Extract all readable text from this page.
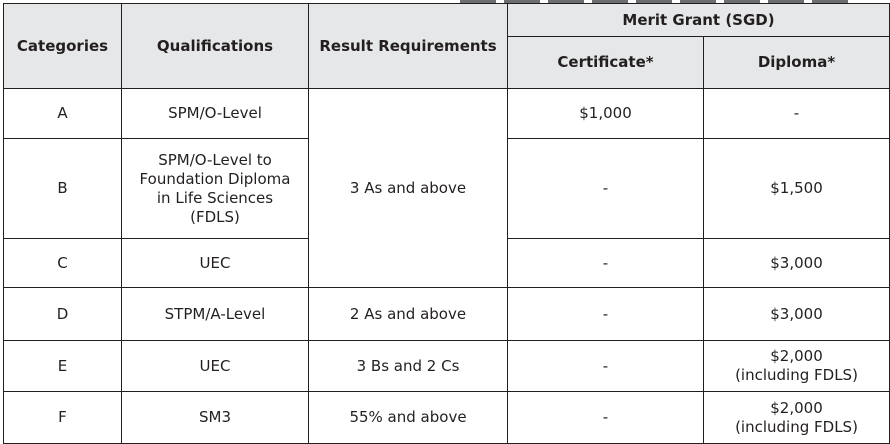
Categories	Qualifications	Result Requirements	Merit Grant (SGD)	
			Certificate*	Diploma*
A	SPM/O-Level	3 As and above	$1,000	-
B	SPM/O-Level to
Foundation Diploma
in Life Sciences
(FDLS)		-	$1,500
C	UEC		-	$3,000
D	STPM/A-Level	2 As and above	-	$3,000
E	UEC	3 Bs and 2 Cs	-	$2,000
(including FDLS)
F	SM3	55% and above	-	$2,000
(including FDLS)
